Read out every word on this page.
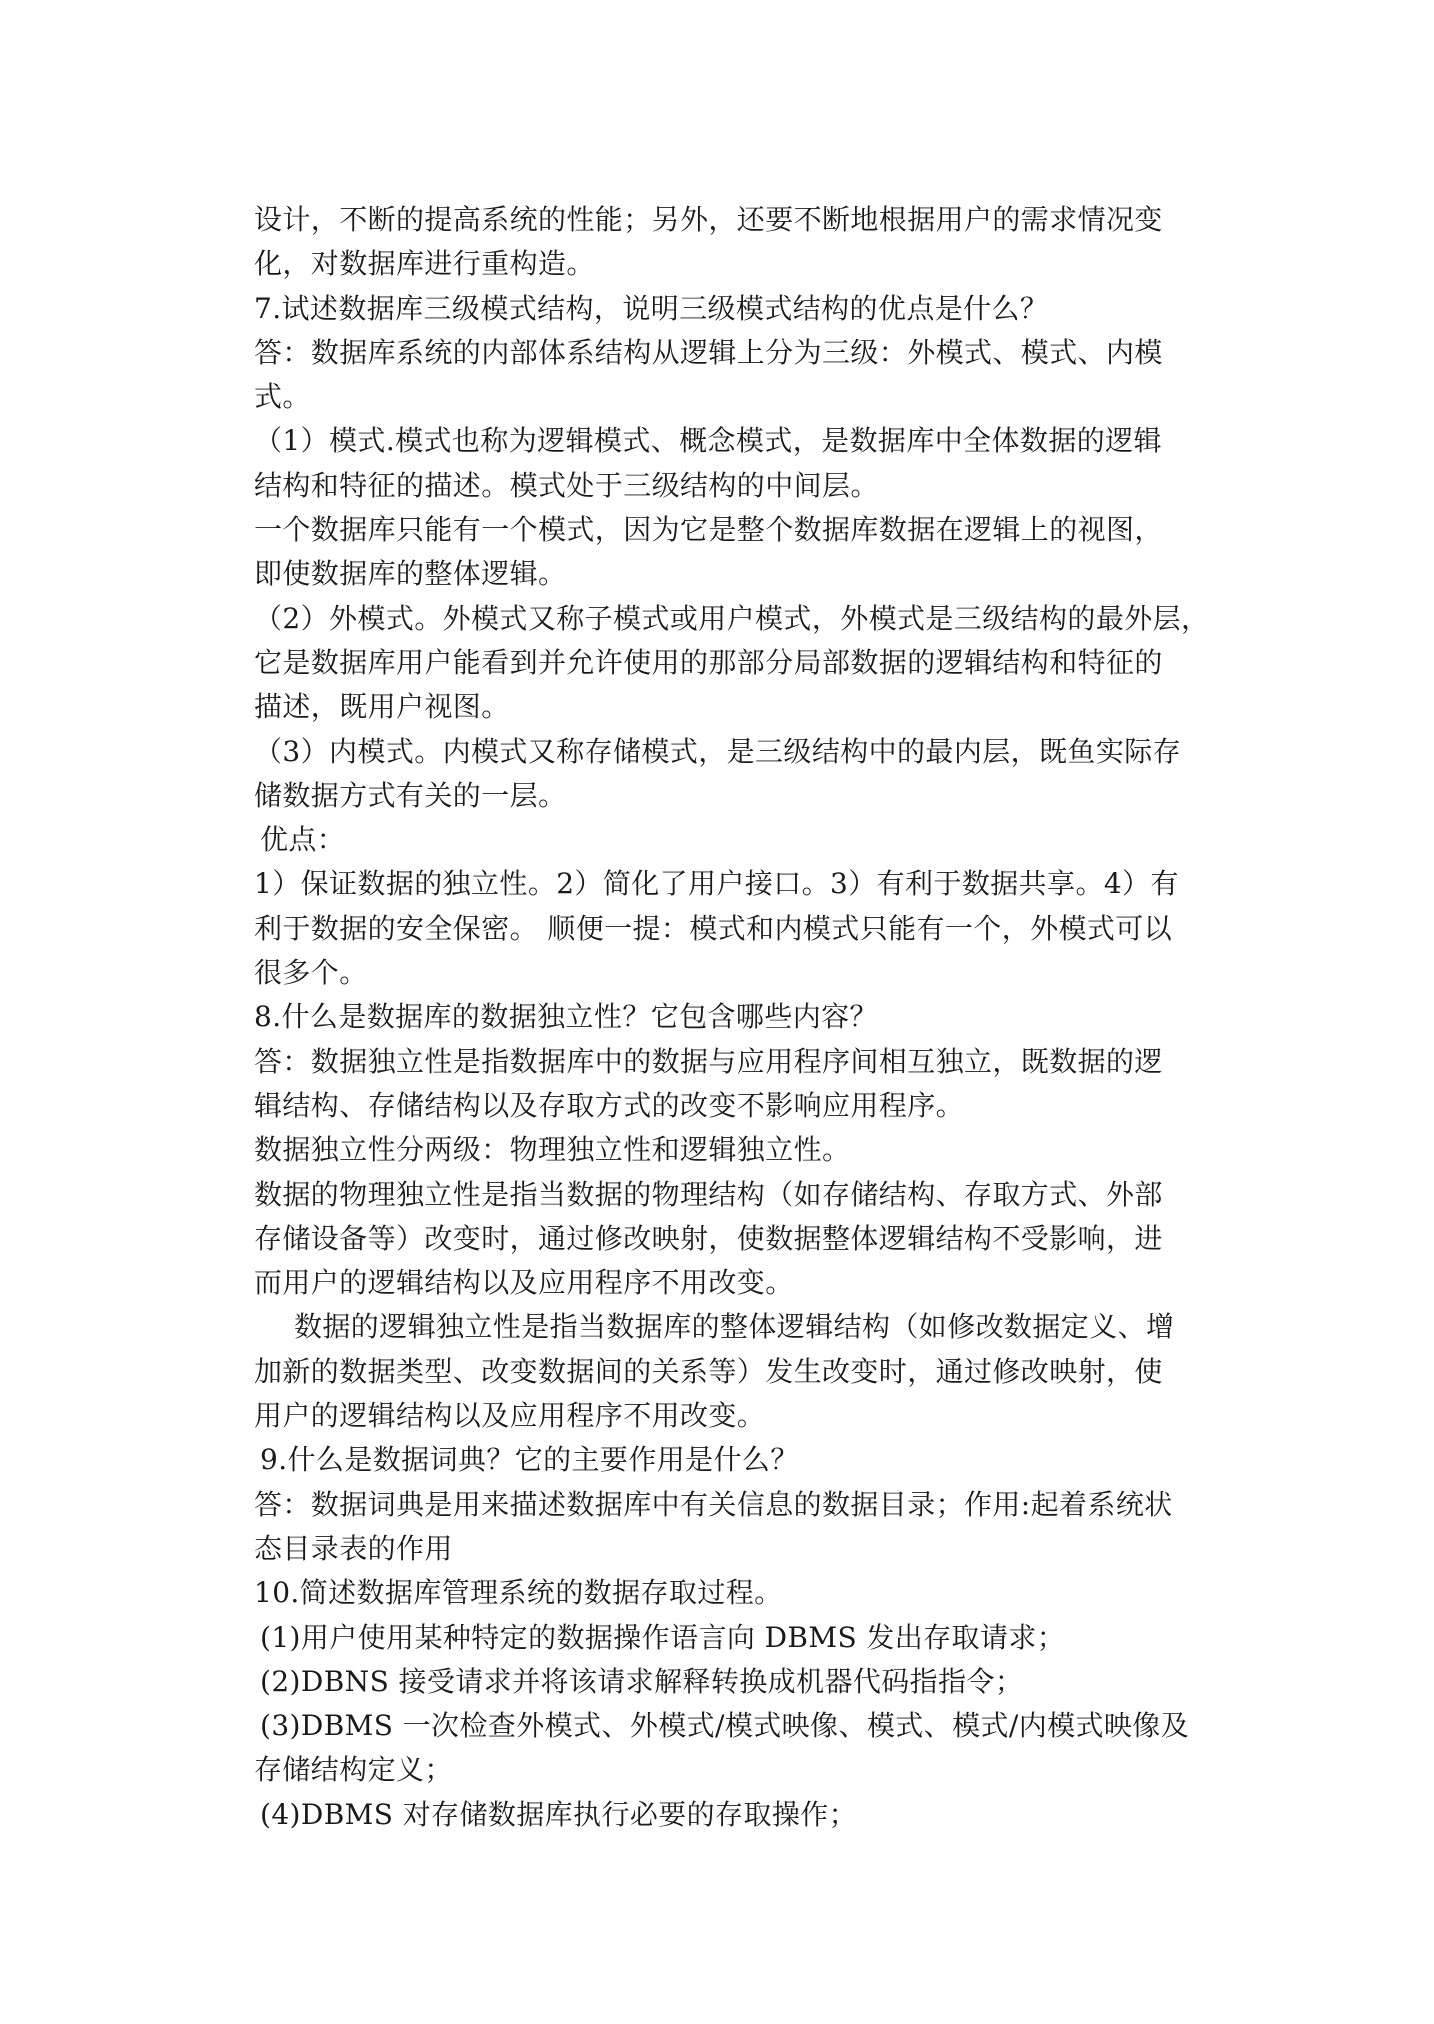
设计，不断的提高系统的性能；另外，还要不断地根据用户的需求情况变
化，对数据库进行重构造。
7.试述数据库三级模式结构，说明三级模式结构的优点是什么？
答：数据库系统的内部体系结构从逻辑上分为三级：外模式、模式、内模
式。
（1）模式.模式也称为逻辑模式、概念模式，是数据库中全体数据的逻辑
结构和特征的描述。模式处于三级结构的中间层。
一个数据库只能有一个模式，因为它是整个数据库数据在逻辑上的视图，
即使数据库的整体逻辑。
（2）外模式。外模式又称子模式或用户模式，外模式是三级结构的最外层，
它是数据库用户能看到并允许使用的那部分局部数据的逻辑结构和特征的
描述，既用户视图。
（3）内模式。内模式又称存储模式，是三级结构中的最内层，既鱼实际存
储数据方式有关的一层。
优点：
1）保证数据的独立性。2）简化了用户接口。3）有利于数据共享。4）有
利于数据的安全保密。 顺便一提：模式和内模式只能有一个，外模式可以
很多个。
8.什么是数据库的数据独立性？它包含哪些内容？
答：数据独立性是指数据库中的数据与应用程序间相互独立，既数据的逻
辑结构、存储结构以及存取方式的改变不影响应用程序。
数据独立性分两级：物理独立性和逻辑独立性。
数据的物理独立性是指当数据的物理结构（如存储结构、存取方式、外部
存储设备等）改变时，通过修改映射，使数据整体逻辑结构不受影响，进
而用户的逻辑结构以及应用程序不用改变。
数据的逻辑独立性是指当数据库的整体逻辑结构（如修改数据定义、增
加新的数据类型、改变数据间的关系等）发生改变时，通过修改映射，使
用户的逻辑结构以及应用程序不用改变。
9.什么是数据词典？它的主要作用是什么？
答：数据词典是用来描述数据库中有关信息的数据目录；作用:起着系统状
态目录表的作用
10.简述数据库管理系统的数据存取过程。
(1)用户使用某种特定的数据操作语言向 DBMS 发出存取请求；
(2)DBNS 接受请求并将该请求解释转换成机器代码指指令；
(3)DBMS 一次检查外模式、外模式/模式映像、模式、模式/内模式映像及
存储结构定义；
(4)DBMS 对存储数据库执行必要的存取操作；
